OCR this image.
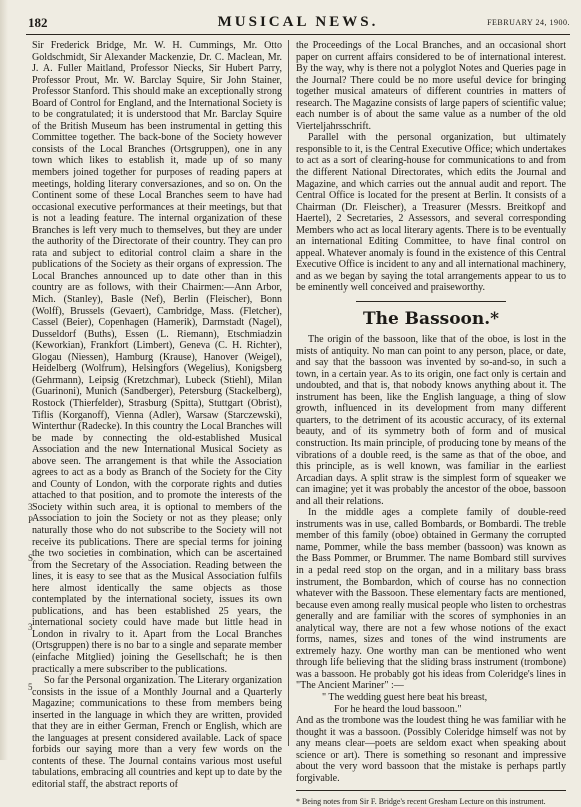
182	MUSICAL NEWS.	FEBRUARY 24, 1900.

Sir Frederick Bridge, Mr. W. H. Cummings, Mr. Otto Goldschmidt, Sir Alexander Mackenzie, Dr. C. Maclean, Mr. J. A. Fuller Maitland, Professor Niecks, Sir Hubert Parry, Professor Prout, Mr. W. Barclay Squire, Sir John Stainer, Professor Stanford. This should make an exceptionally strong Board of Control for England, and the International Society is to be congratulated; it is understood that Mr. Barclay Squire of the British Museum has been instrumental in getting this Committee together. The back-bone of the Society however consists of the Local Branches (Ortsgruppen), one in any town which likes to establish it, made up of so many members joined together for purposes of reading papers at meetings, holding literary conversaziones, and so on. On the Continent some of these Local Branches seem to have had occasional executive performances at their meetings, but that is not a leading feature. The internal organization of these Branches is left very much to themselves, but they are under the authority of the Directorate of their country. They can pro rata and subject to editorial control claim a share in the publications of the Society as their organs of expression. The Local Branches announced up to date other than in this country are as follows, with their Chairmen:—Ann Arbor, Mich. (Stanley), Basle (Nef), Berlin (Fleischer), Bonn (Wolff), Brussels (Gevaert), Cambridge, Mass. (Fletcher), Cassel (Beier), Copenhagen (Hamerik), Darmstadt (Nagel), Dusseldorf (Buths), Essen (L. Riemann), Etschmiadzin (Keworkian), Frankfort (Limbert), Geneva (C. H. Richter), Glogau (Niessen), Hamburg (Krause), Hanover (Weigel), Heidelberg (Wolfrum), Helsingfors (Wegelius), Konigsberg (Gehrmann), Leipsig (Kretzchmar), Lubeck (Stiehl), Milan (Guarinoni), Munich (Sandberger), Petersburg (Stackelberg), Rostock (Thierfelder), Strasburg (Spitta), Stuttgart (Obrist), Tiflis (Korganoff), Vienna (Adler), Warsaw (Starczewski), Winterthur (Radecke). In this country the Local Branches will be made by connecting the old-established Musical Association and the new International Musical Society as above seen. The arrangement is that while the Association agrees to act as a body as Branch of the Society for the City and County of London, with the corporate rights and duties attached to that position, and to promote the interests of the Society within such area, it is optional to members of the Association to join the Society or not as they please; only naturally those who do not subscribe to the Society will not receive its publications. There are special terms for joining the two societies in combination, which can be ascertained from the Secretary of the Association. Reading between the lines, it is easy to see that as the Musical Association fulfils here almost identically the same objects as those contemplated by the international society, issues its own publications, and has been established 25 years, the international society could have made but little head in London in rivalry to it. Apart from the Local Branches (Ortsgruppen) there is no bar to a single and separate member (einfache Mitglied) joining the Gesellschaft; he is then practically a mere subscriber to the publications.

So far the Personal organization. The Literary organization consists in the issue of a Monthly Journal and a Quarterly Magazine; communications to these from members being inserted in the language in which they are written, provided that they are in either German, French or English, which are the languages at present considered available. Lack of space forbids our saying more than a very few words on the contents of these. The Journal contains various most useful tabulations, embracing all countries and kept up to date by the editorial staff, the abstract reports of

the Proceedings of the Local Branches, and an occasional short paper on current affairs considered to be of international interest. By the way, why is there not a polyglot Notes and Queries page in the Journal? There could be no more useful device for bringing together musical amateurs of different countries in matters of research. The Magazine consists of large papers of scientific value; each number is of about the same value as a number of the old Vierteljahrsschrift.

Parallel with the personal organization, but ultimately responsible to it, is the Central Executive Office; which undertakes to act as a sort of clearing-house for communications to and from the different National Directorates, which edits the Journal and Magazine, and which carries out the annual audit and report. The Central Office is located for the present at Berlin. It consists of a Chairman (Dr. Fleischer), a Treasurer (Messrs. Breitkopf and Haertel), 2 Secretaries, 2 Assessors, and several corresponding Members who act as local literary agents. There is to be eventually an international Editing Committee, to have final control on appeal. Whatever anomaly is found in the existence of this Central Executive Office is incident to any and all international machinery, and as we began by saying the total arrangements appear to us to be eminently well conceived and praiseworthy.

The Bassoon.*

The origin of the bassoon, like that of the oboe, is lost in the mists of antiquity. No man can point to any person, place, or date, and say that the bassoon was invented by so-and-so, in such a town, in a certain year. As to its origin, one fact only is certain and undoubted, and that is, that nobody knows anything about it. The instrument has been, like the English language, a thing of slow growth, influenced in its development from many different quarters, to the detriment of its acoustic accuracy, of its external beauty, and of its symmetry both of form and of musical construction. Its main principle, of producing tone by means of the vibrations of a double reed, is the same as that of the oboe, and this principle, as is well known, was familiar in the earliest Arcadian days. A split straw is the simplest form of squeaker we can imagine; yet it was probably the ancestor of the oboe, bassoon and all their relations.

In the middle ages a complete family of double-reed instruments was in use, called Bombards, or Bombardi. The treble member of this family (oboe) obtained in Germany the corrupted name, Pommer, while the bass member (bassoon) was known as the Bass Pommer, or Brummer. The name Bombard still survives in a pedal reed stop on the organ, and in a military bass brass instrument, the Bombardon, which of course has no connection whatever with the Bassoon. These elementary facts are mentioned, because even among really musical people who listen to orchestras generally and are familiar with the scores of symphonies in an analytical way, there are not a few whose notions of the exact forms, names, sizes and tones of the wind instruments are extremely hazy. One worthy man can be mentioned who went through life believing that the sliding brass instrument (trombone) was a bassoon. He probably got his ideas from Coleridge's lines in "The Ancient Mariner" :—

" The wedding guest here beat his breast,

For he heard the loud bassoon."

And as the trombone was the loudest thing he was familiar with he thought it was a bassoon. (Possibly Coleridge himself was not by any means clear—poets are seldom exact when speaking about science or art). There is something so resonant and impressive about the very word bassoon that the mistake is perhaps partly forgivable.

* Being notes from Sir F. Bridge's recent Gresham Lecture on this instrument.

3
P
S
3
5
